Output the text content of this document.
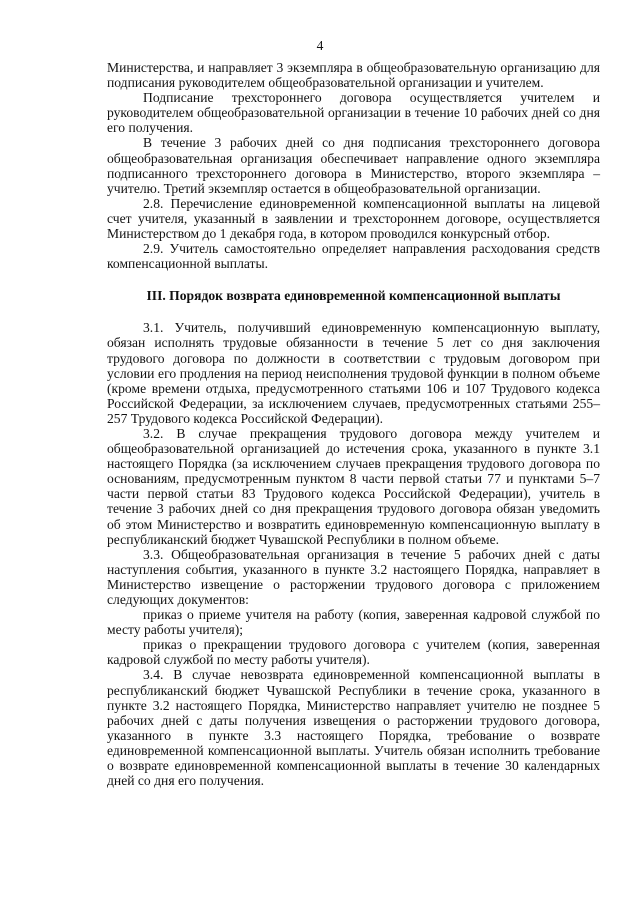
4

Министерства, и направляет 3 экземпляра в общеобразовательную организацию для подписания руководителем общеобразовательной организации и учителем.

Подписание трехстороннего договора осуществляется учителем и руководителем общеобразовательной организации в течение 10 рабочих дней со дня его получения.

В течение 3 рабочих дней со дня подписания трехстороннего договора общеобразовательная организация обеспечивает направление одного экземпляра подписанного трехстороннего договора в Министерство, второго экземпляра – учителю. Третий экземпляр остается в общеобразовательной организации.

2.8. Перечисление единовременной компенсационной выплаты на лицевой счет учителя, указанный в заявлении и трехстороннем договоре, осуществляется Министерством до 1 декабря года, в котором проводился конкурсный отбор.

2.9. Учитель самостоятельно определяет направления расходования средств компенсационной выплаты.

III. Порядок возврата единовременной компенсационной выплаты

3.1. Учитель, получивший единовременную компенсационную выплату, обязан исполнять трудовые обязанности в течение 5 лет со дня заключения трудового договора по должности в соответствии с трудовым договором при условии его продления на период неисполнения трудовой функции в полном объеме (кроме времени отдыха, предусмотренного статьями 106 и 107 Трудового кодекса Российской Федерации, за исключением случаев, предусмотренных статьями 255–257 Трудового кодекса Российской Федерации).

3.2. В случае прекращения трудового договора между учителем и общеобразовательной организацией до истечения срока, указанного в пункте 3.1 настоящего Порядка (за исключением случаев прекращения трудового договора по основаниям, предусмотренным пунктом 8 части первой статьи 77 и пунктами 5–7 части первой статьи 83 Трудового кодекса Российской Федерации), учитель в течение 3 рабочих дней со дня прекращения трудового договора обязан уведомить об этом Министерство и возвратить единовременную компенсационную выплату в республиканский бюджет Чувашской Республики в полном объеме.

3.3. Общеобразовательная организация в течение 5 рабочих дней с даты наступления события, указанного в пункте 3.2 настоящего Порядка, направляет в Министерство извещение о расторжении трудового договора с приложением следующих документов:

приказ о приеме учителя на работу (копия, заверенная кадровой службой по месту работы учителя);

приказ о прекращении трудового договора с учителем (копия, заверенная кадровой службой по месту работы учителя).

3.4. В случае невозврата единовременной компенсационной выплаты в республиканский бюджет Чувашской Республики в течение срока, указанного в пункте 3.2 настоящего Порядка, Министерство направляет учителю не позднее 5 рабочих дней с даты получения извещения о расторжении трудового договора, указанного в пункте 3.3 настоящего Порядка, требование о возврате единовременной компенсационной выплаты. Учитель обязан исполнить требование о возврате единовременной компенсационной выплаты в течение 30 календарных дней со дня его получения.
